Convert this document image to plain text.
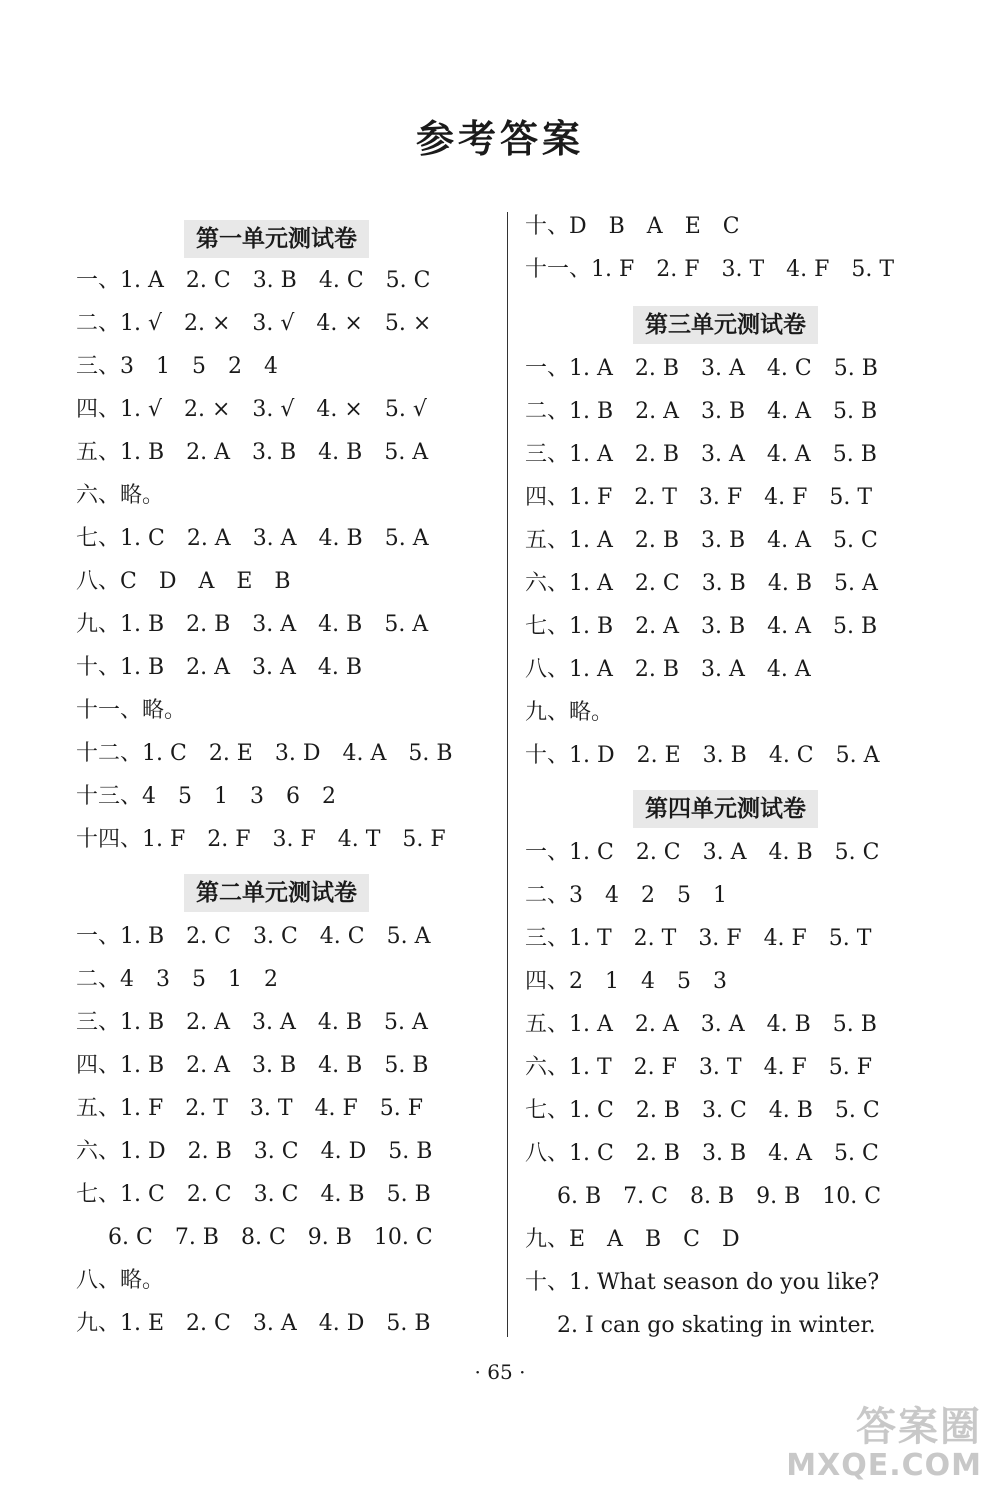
参考答案
第一单元测试卷
一、1. A　2. C　3. B　4. C　5. C
二、1. √　2. ×　3. √　4. ×　5. ×
三、3　1　5　2　4
四、1. √　2. ×　3. √　4. ×　5. √
五、1. B　2. A　3. B　4. B　5. A
六、略。
七、1. C　2. A　3. A　4. B　5. A
八、C　D　A　E　B
九、1. B　2. B　3. A　4. B　5. A
十、1. B　2. A　3. A　4. B
十一、略。
十二、1. C　2. E　3. D　4. A　5. B
十三、4　5　1　3　6　2
十四、1. F　2. F　3. F　4. T　5. F
第二单元测试卷
一、1. B　2. C　3. C　4. C　5. A
二、4　3　5　1　2
三、1. B　2. A　3. A　4. B　5. A
四、1. B　2. A　3. B　4. B　5. B
五、1. F　2. T　3. T　4. F　5. F
六、1. D　2. B　3. C　4. D　5. B
七、1. C　2. C　3. C　4. B　5. B
　6. C　7. B　8. C　9. B　10. C
八、略。
九、1. E　2. C　3. A　4. D　5. B
十、D　B　A　E　C
十一、1. F　2. F　3. T　4. F　5. T
第三单元测试卷
一、1. A　2. B　3. A　4. C　5. B
二、1. B　2. A　3. B　4. A　5. B
三、1. A　2. B　3. A　4. A　5. B
四、1. F　2. T　3. F　4. F　5. T
五、1. A　2. B　3. B　4. A　5. C
六、1. A　2. C　3. B　4. B　5. A
七、1. B　2. A　3. B　4. A　5. B
八、1. A　2. B　3. A　4. A
九、略。
十、1. D　2. E　3. B　4. C　5. A
第四单元测试卷
一、1. C　2. C　3. A　4. B　5. C
二、3　4　2　5　1
三、1. T　2. T　3. F　4. F　5. T
四、2　1　4　5　3
五、1. A　2. A　3. A　4. B　5. B
六、1. T　2. F　3. T　4. F　5. F
七、1. C　2. B　3. C　4. B　5. C
八、1. C　2. B　3. B　4. A　5. C
　6. B　7. C　8. B　9. B　10. C
九、E　A　B　C　D
十、1. What season do you like?
　2. I can go skating in winter.
· 65 ·
答案圈
MXQE.COM
